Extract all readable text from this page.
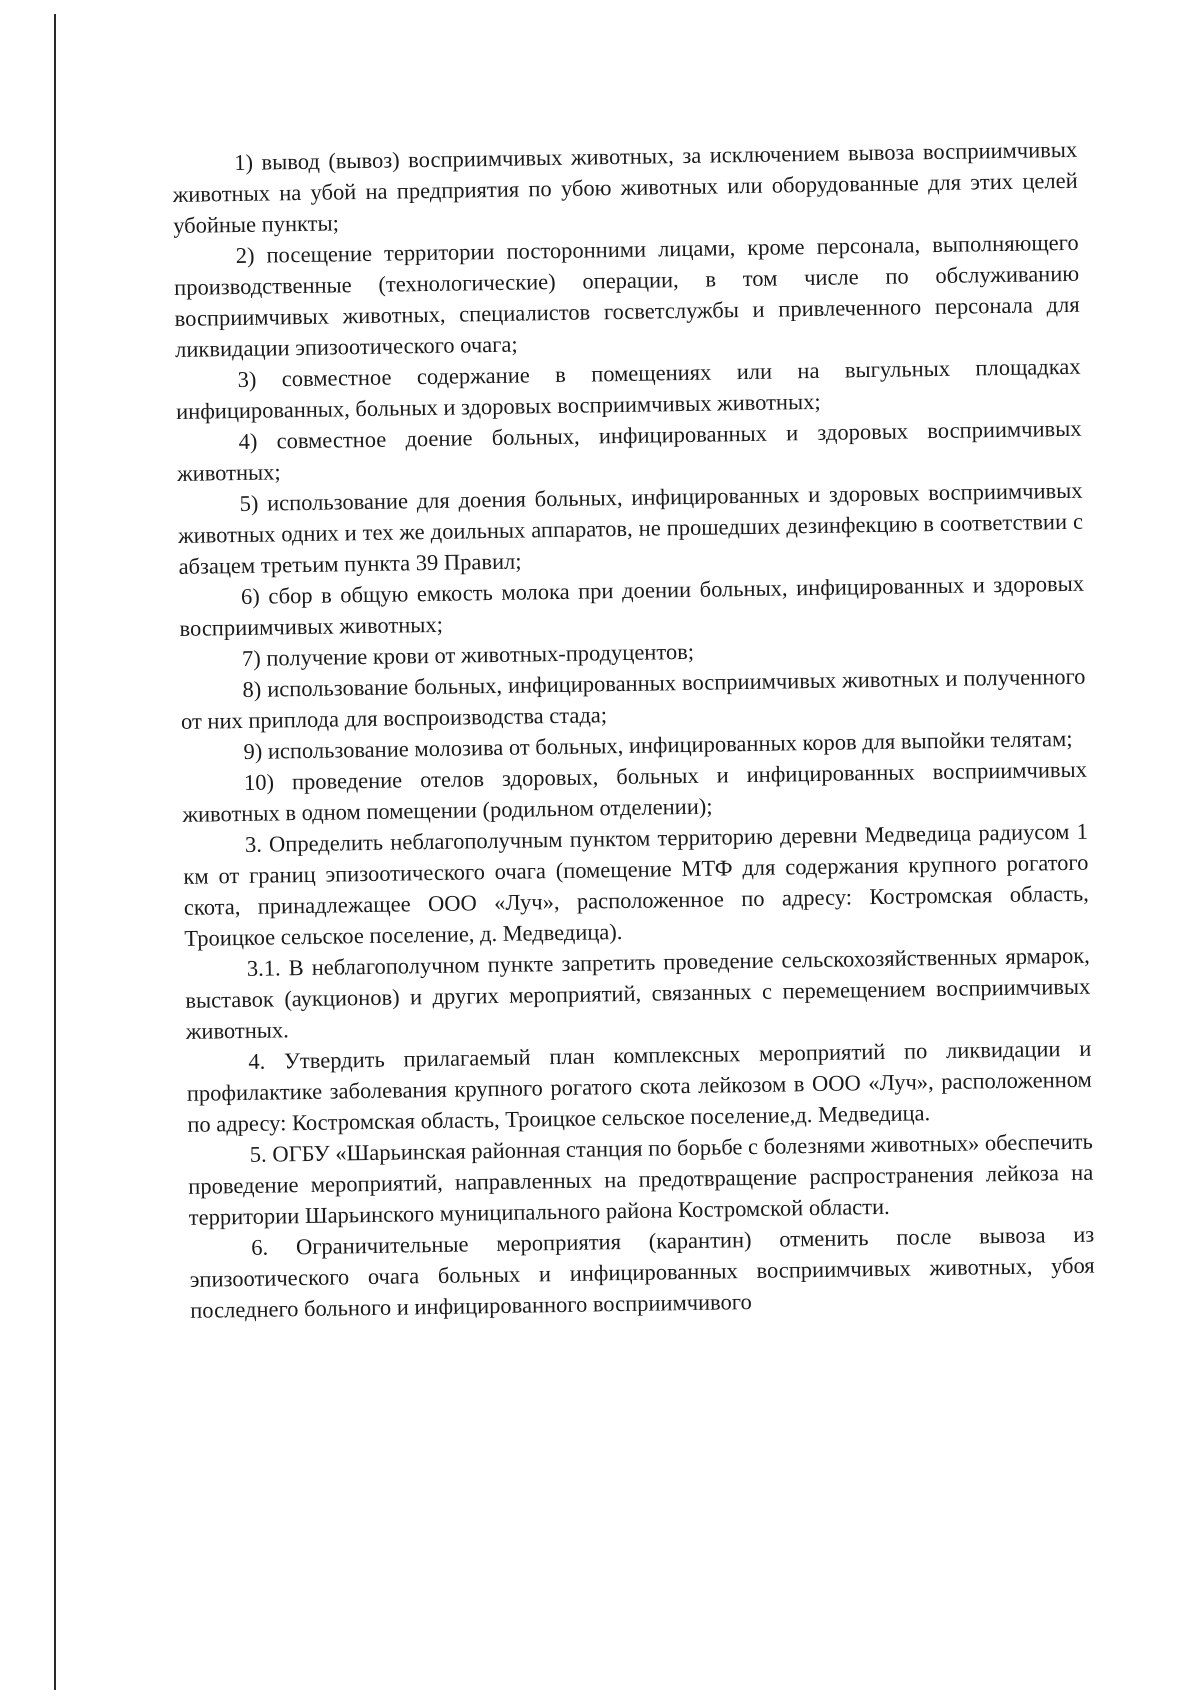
1) вывод (вывоз) восприимчивых животных, за исключением вывоза восприимчивых животных на убой на предприятия по убою животных или оборудованные для этих целей убойные пункты;

2) посещение территории посторонними лицами, кроме персонала, выполняющего производственные (технологические) операции, в том числе по обслуживанию восприимчивых животных, специалистов госветслужбы и привлеченного персонала для ликвидации эпизоотического очага;

3) совместное содержание в помещениях или на выгульных площадках инфицированных, больных и здоровых восприимчивых животных;

4) совместное доение больных, инфицированных и здоровых восприимчивых животных;

5) использование для доения больных, инфицированных и здоровых восприимчивых животных одних и тех же доильных аппаратов, не прошедших дезинфекцию в соответствии с абзацем третьим пункта 39 Правил;

6) сбор в общую емкость молока при доении больных, инфицированных и здоровых восприимчивых животных;

7) получение крови от животных-продуцентов;

8) использование больных, инфицированных восприимчивых животных и полученного от них приплода для воспроизводства стада;

9) использование молозива от больных, инфицированных коров для выпойки телятам;

10) проведение отелов здоровых, больных и инфицированных восприимчивых животных в одном помещении (родильном отделении);

3. Определить неблагополучным пунктом территорию деревни Медведица радиусом 1 км от границ эпизоотического очага (помещение МТФ для содержания крупного рогатого скота, принадлежащее ООО «Луч», расположенное по адресу: Костромская область, Троицкое сельское поселение, д. Медведица).

3.1. В неблагополучном пункте запретить проведение сельскохозяйственных ярмарок, выставок (аукционов) и других мероприятий, связанных с перемещением восприимчивых животных.

4. Утвердить прилагаемый план комплексных мероприятий по ликвидации и профилактике заболевания крупного рогатого скота лейкозом в ООО «Луч», расположенном по адресу: Костромская область, Троицкое сельское поселение,д. Медведица.

5. ОГБУ «Шарьинская районная станция по борьбе с болезнями животных» обеспечить проведение мероприятий, направленных на предотвращение распространения лейкоза на территории Шарьинского муниципального района Костромской области.

6. Ограничительные мероприятия (карантин) отменить после вывоза из эпизоотического очага больных и инфицированных восприимчивых животных, убоя последнего больного и инфицированного восприимчивого
